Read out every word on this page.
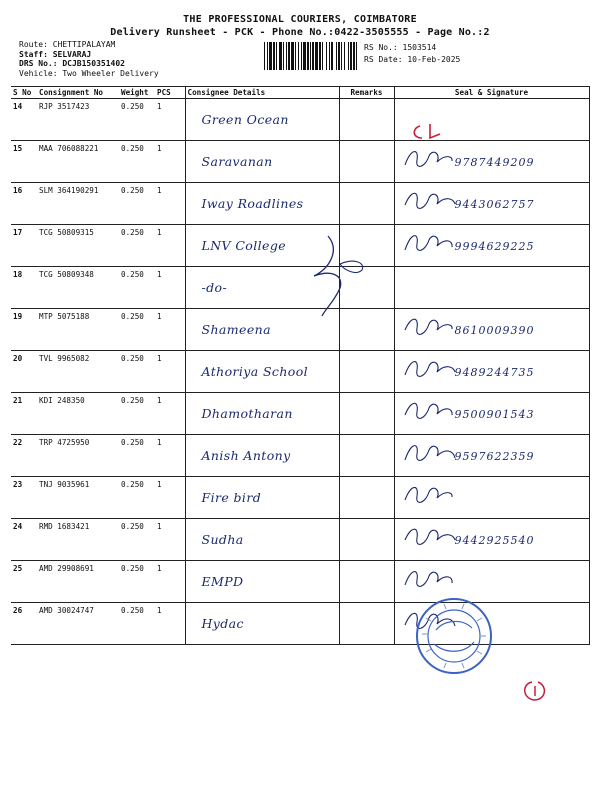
THE PROFESSIONAL COURIERS, COIMBATORE
Delivery Runsheet - PCK - Phone No.:0422-3505555 - Page No.:2
Route: CHETTIPALAYAM
Staff: SELVARAJ
DRS No.: DCJB150351402
Vehicle: Two Wheeler Delivery
RS No.: 1503514
RS Date: 10-Feb-2025
S No	Consignment No	Weight	PCS	Consignee Details	Remarks	Seal & Signature
14	RJP 3517423	0.250	1	Green Ocean		

15	MAA 706088221	0.250	1	Saravanan		9787449209

16	SLM 364190291	0.250	1	Iway Roadlines		9443062757

17	TCG 50809315	0.250	1	LNV College		9994629225

18	TCG 50809348	0.250	1	-do-		

19	MTP 5075188	0.250	1	Shameena		8610009390

20	TVL 9965082	0.250	1	Athoriya School		9489244735

21	KDI 248350	0.250	1	Dhamotharan		9500901543

22	TRP 4725950	0.250	1	Anish Antony		9597622359

23	TNJ 9035961	0.250	1	Fire bird		

24	RMD 1683421	0.250	1	Sudha		9442925540

25	AMD 29908691	0.250	1	EMPD		

26	AMD 30024747	0.250	1	Hydac		
